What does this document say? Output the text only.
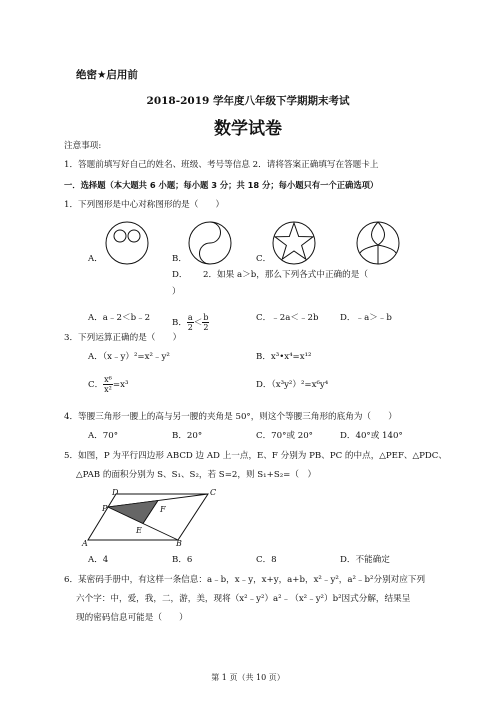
绝密★启用前
2018-2019 学年度八年级下学期期末考试
数学试卷
注意事项:
1．答题前填写好自己的姓名、班级、考号等信息 2．请将答案正确填写在答题卡上
一．选择题（本大题共 6 小题；每小题 3 分；共 18 分；每小题只有一个正确选项）
1．下列图形是中心对称图形的是（　　）
A．	B．	C．
D． 2．如果 a＞b，那么下列各式中正确的是（
）
A．a﹣2＜b﹣2	B． $\frac{a}{2} < \frac{b}{2}$	C．﹣2a＜﹣2b D．﹣a＞﹣b
3．下列运算正确的是（　　）
A．（x﹣y）²=x²﹣y²	B．x³•x⁴=x¹²
C． $\frac{\text{x⁶}}{\text{x²}} =x^3$	D．（x³y²）²=x⁶y⁴
4．等腰三角形一腰上的高与另一腰的夹角是 50°，则这个等腰三角形的底角为（　　）
A．70°	B．20°	C．70°或 20°	D．40°或 140°
5．如图，P 为平行四边形 ABCD 边 AD 上一点，E、F 分别为 PB、PC 的中点，△PEF、△PDC、
△PAB 的面积分别为 S、S₁、S₂，若 S=2，则 S₁+S₂=（　）
D	C
P	F
E
A	B
A．4	B．6	C．8	D．不能确定
6．某密码手册中，有这样一条信息：a﹣b，x﹣y，x+y，a+b，x²﹣y²，a²﹣b²分别对应下列
六个字：中，爱，我，二，游，美，现将（x²﹣y²）a²﹣（x²﹣y²）b²因式分解，结果呈
现的密码信息可能是（　　）
第 1 页（共 10 页）
